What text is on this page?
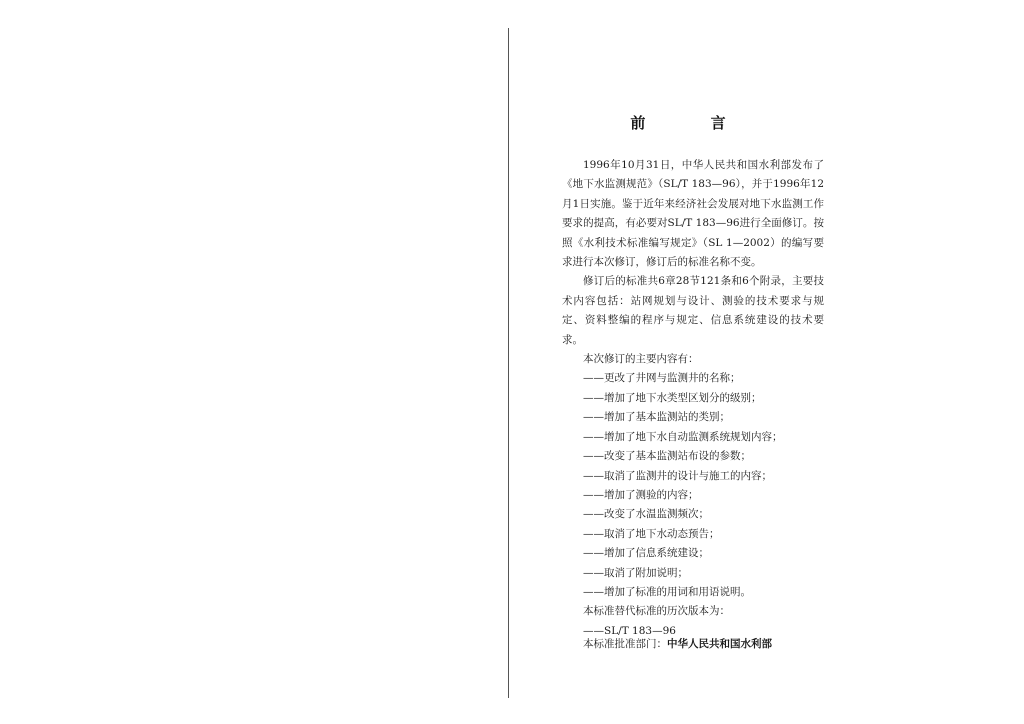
前 言

1996年10月31日，中华人民共和国水利部发布了《地下水监测规范》（SL/T 183—96），并于1996年12月1日实施。鉴于近年来经济社会发展对地下水监测工作要求的提高，有必要对SL/T 183—96进行全面修订。按照《水利技术标准编写规定》（SL 1—2002）的编写要求进行本次修订，修订后的标准名称不变。

修订后的标准共6章28节121条和6个附录，主要技术内容包括：站网规划与设计、测验的技术要求与规定、资料整编的程序与规定、信息系统建设的技术要求。

本次修订的主要内容有：

——更改了井网与监测井的名称；

——增加了地下水类型区划分的级别；

——增加了基本监测站的类别；

——增加了地下水自动监测系统规划内容；

——改变了基本监测站布设的参数；

——取消了监测井的设计与施工的内容；

——增加了测验的内容；

——改变了水温监测频次；

——取消了地下水动态预告；

——增加了信息系统建设；

——取消了附加说明；

——增加了标准的用词和用语说明。

本标准替代标准的历次版本为：

——SL/T 183—96

本标准批准部门：中华人民共和国水利部
